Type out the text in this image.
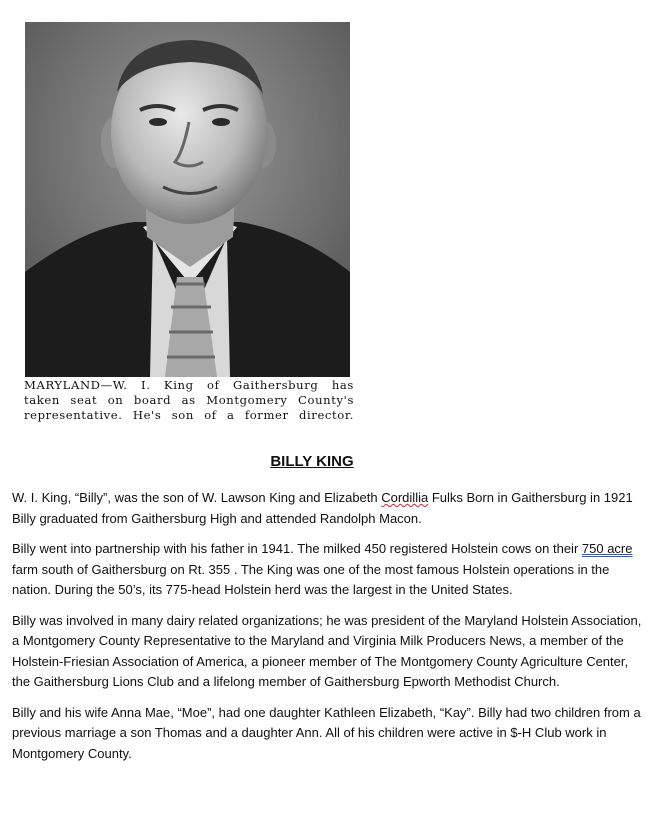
MARYLAND—W. I. King of Gaithersburg has
taken seat on board as Montgomery County's
representative. He's son of a former director.
BILLY KING

W. I. King, “Billy”, was the son of W. Lawson King and Elizabeth Cordillia Fulks Born in Gaithersburg in 1921 Billy graduated from Gaithersburg High and attended Randolph Macon.

Billy went into partnership with his father in 1941. The milked 450 registered Holstein cows on their 750 acre farm south of Gaithersburg on Rt. 355 . The King was one of the most famous Holstein operations in the nation. During the 50’s, its 775-head Holstein herd was the largest in the United States.

Billy was involved in many dairy related organizations; he was president of the Maryland Holstein Association, a Montgomery County Representative to the Maryland and Virginia Milk Producers News, a member of the Holstein-Friesian Association of America, a pioneer member of The Montgomery County Agriculture Center, the Gaithersburg Lions Club and a lifelong member of Gaithersburg Epworth Methodist Church.

Billy and his wife Anna Mae, “Moe”, had one daughter Kathleen Elizabeth, “Kay”. Billy had two children from a previous marriage a son Thomas and a daughter Ann. All of his children were active in $-H Club work in Montgomery County.
